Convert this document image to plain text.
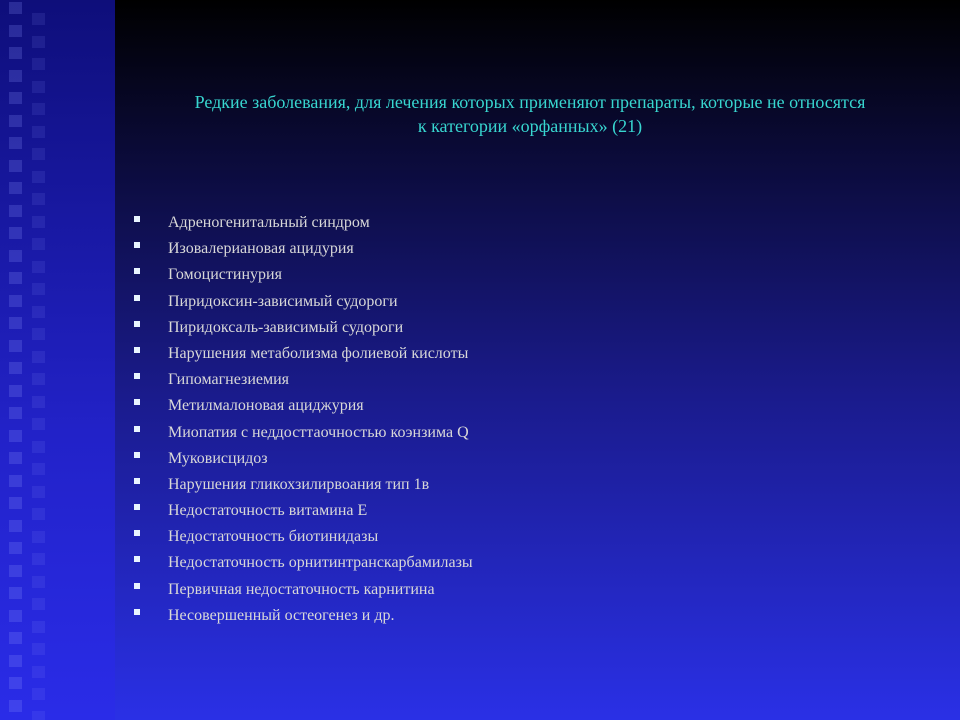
Редкие заболевания, для лечения которых применяют препараты, которые не относятся
к категории «орфанных» (21)
Адреногенитальный синдром
Изовалериановая ацидурия
Гомоцистинурия
Пиридоксин-зависимый судороги
Пиридоксаль-зависимый судороги
Нарушения метаболизма фолиевой кислоты
Гипомагнезиемия
Метилмалоновая ациджурия
Миопатия с неддосттаочностью коэнзима Q
Муковисцидоз
Нарушения гликохзилирвоания тип 1в
Недостаточность витамина Е
Недостаточность биотинидазы
Недостаточность орнитинтранскарбамилазы
Первичная недостаточность карнитина
Несовершенный остеогенез и др.
